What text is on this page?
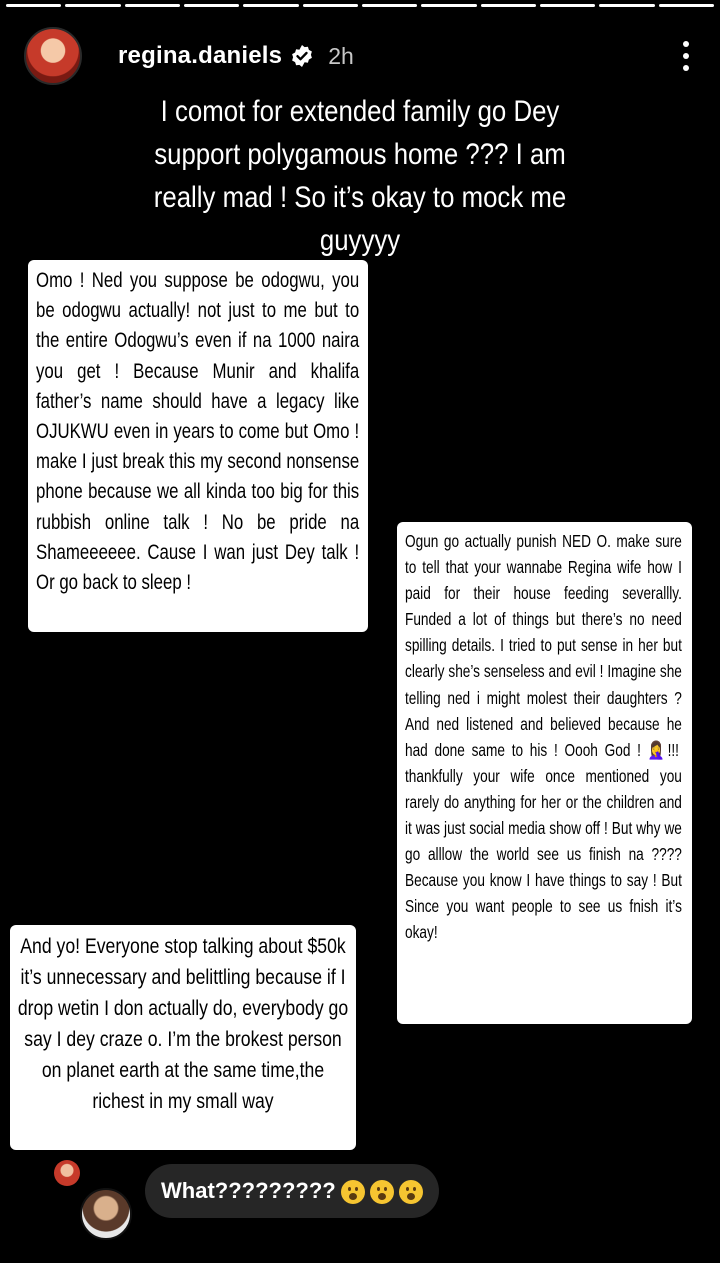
regina.daniels 2h
I comot for extended family go Dey support polygamous home ??? I am really mad ! So it’s okay to mock me guyyyy

Omo ! Ned you suppose be odogwu, you be odogwu actually! not just to me but to the entire Odogwu’s even if na 1000 naira you get ! Because Munir and khalifa father’s name should have a legacy like OJUKWU even in years to come but Omo ! make I just break this my second nonsense phone because we all kinda too big for this rubbish online talk ! No be pride na Shameeeeee. Cause I wan just Dey talk ! Or go back to sleep !

Ogun go actually punish NED O. make sure to tell that your wannabe Regina wife how I paid for their house feeding severallly. Funded a lot of things but there’s no need spilling details. I tried to put sense in her but clearly she’s senseless and evil ! Imagine she telling ned i might molest their daughters ? And ned listened and believed because he had done same to his ! Oooh God ! 🤦‍♀️!!! thankfully your wife once mentioned you rarely do anything for her or the children and it was just social media show off ! But why we go alllow the world see us finish na ???? Because you know I have things to say ! But Since you want people to see us fnish it’s okay!

And yo! Everyone stop talking about $50k it’s unnecessary and belittling because if I drop wetin I don actually do, everybody go say I dey craze o. I’m the brokest person on planet earth at the same time,the richest in my small way

What?????????
